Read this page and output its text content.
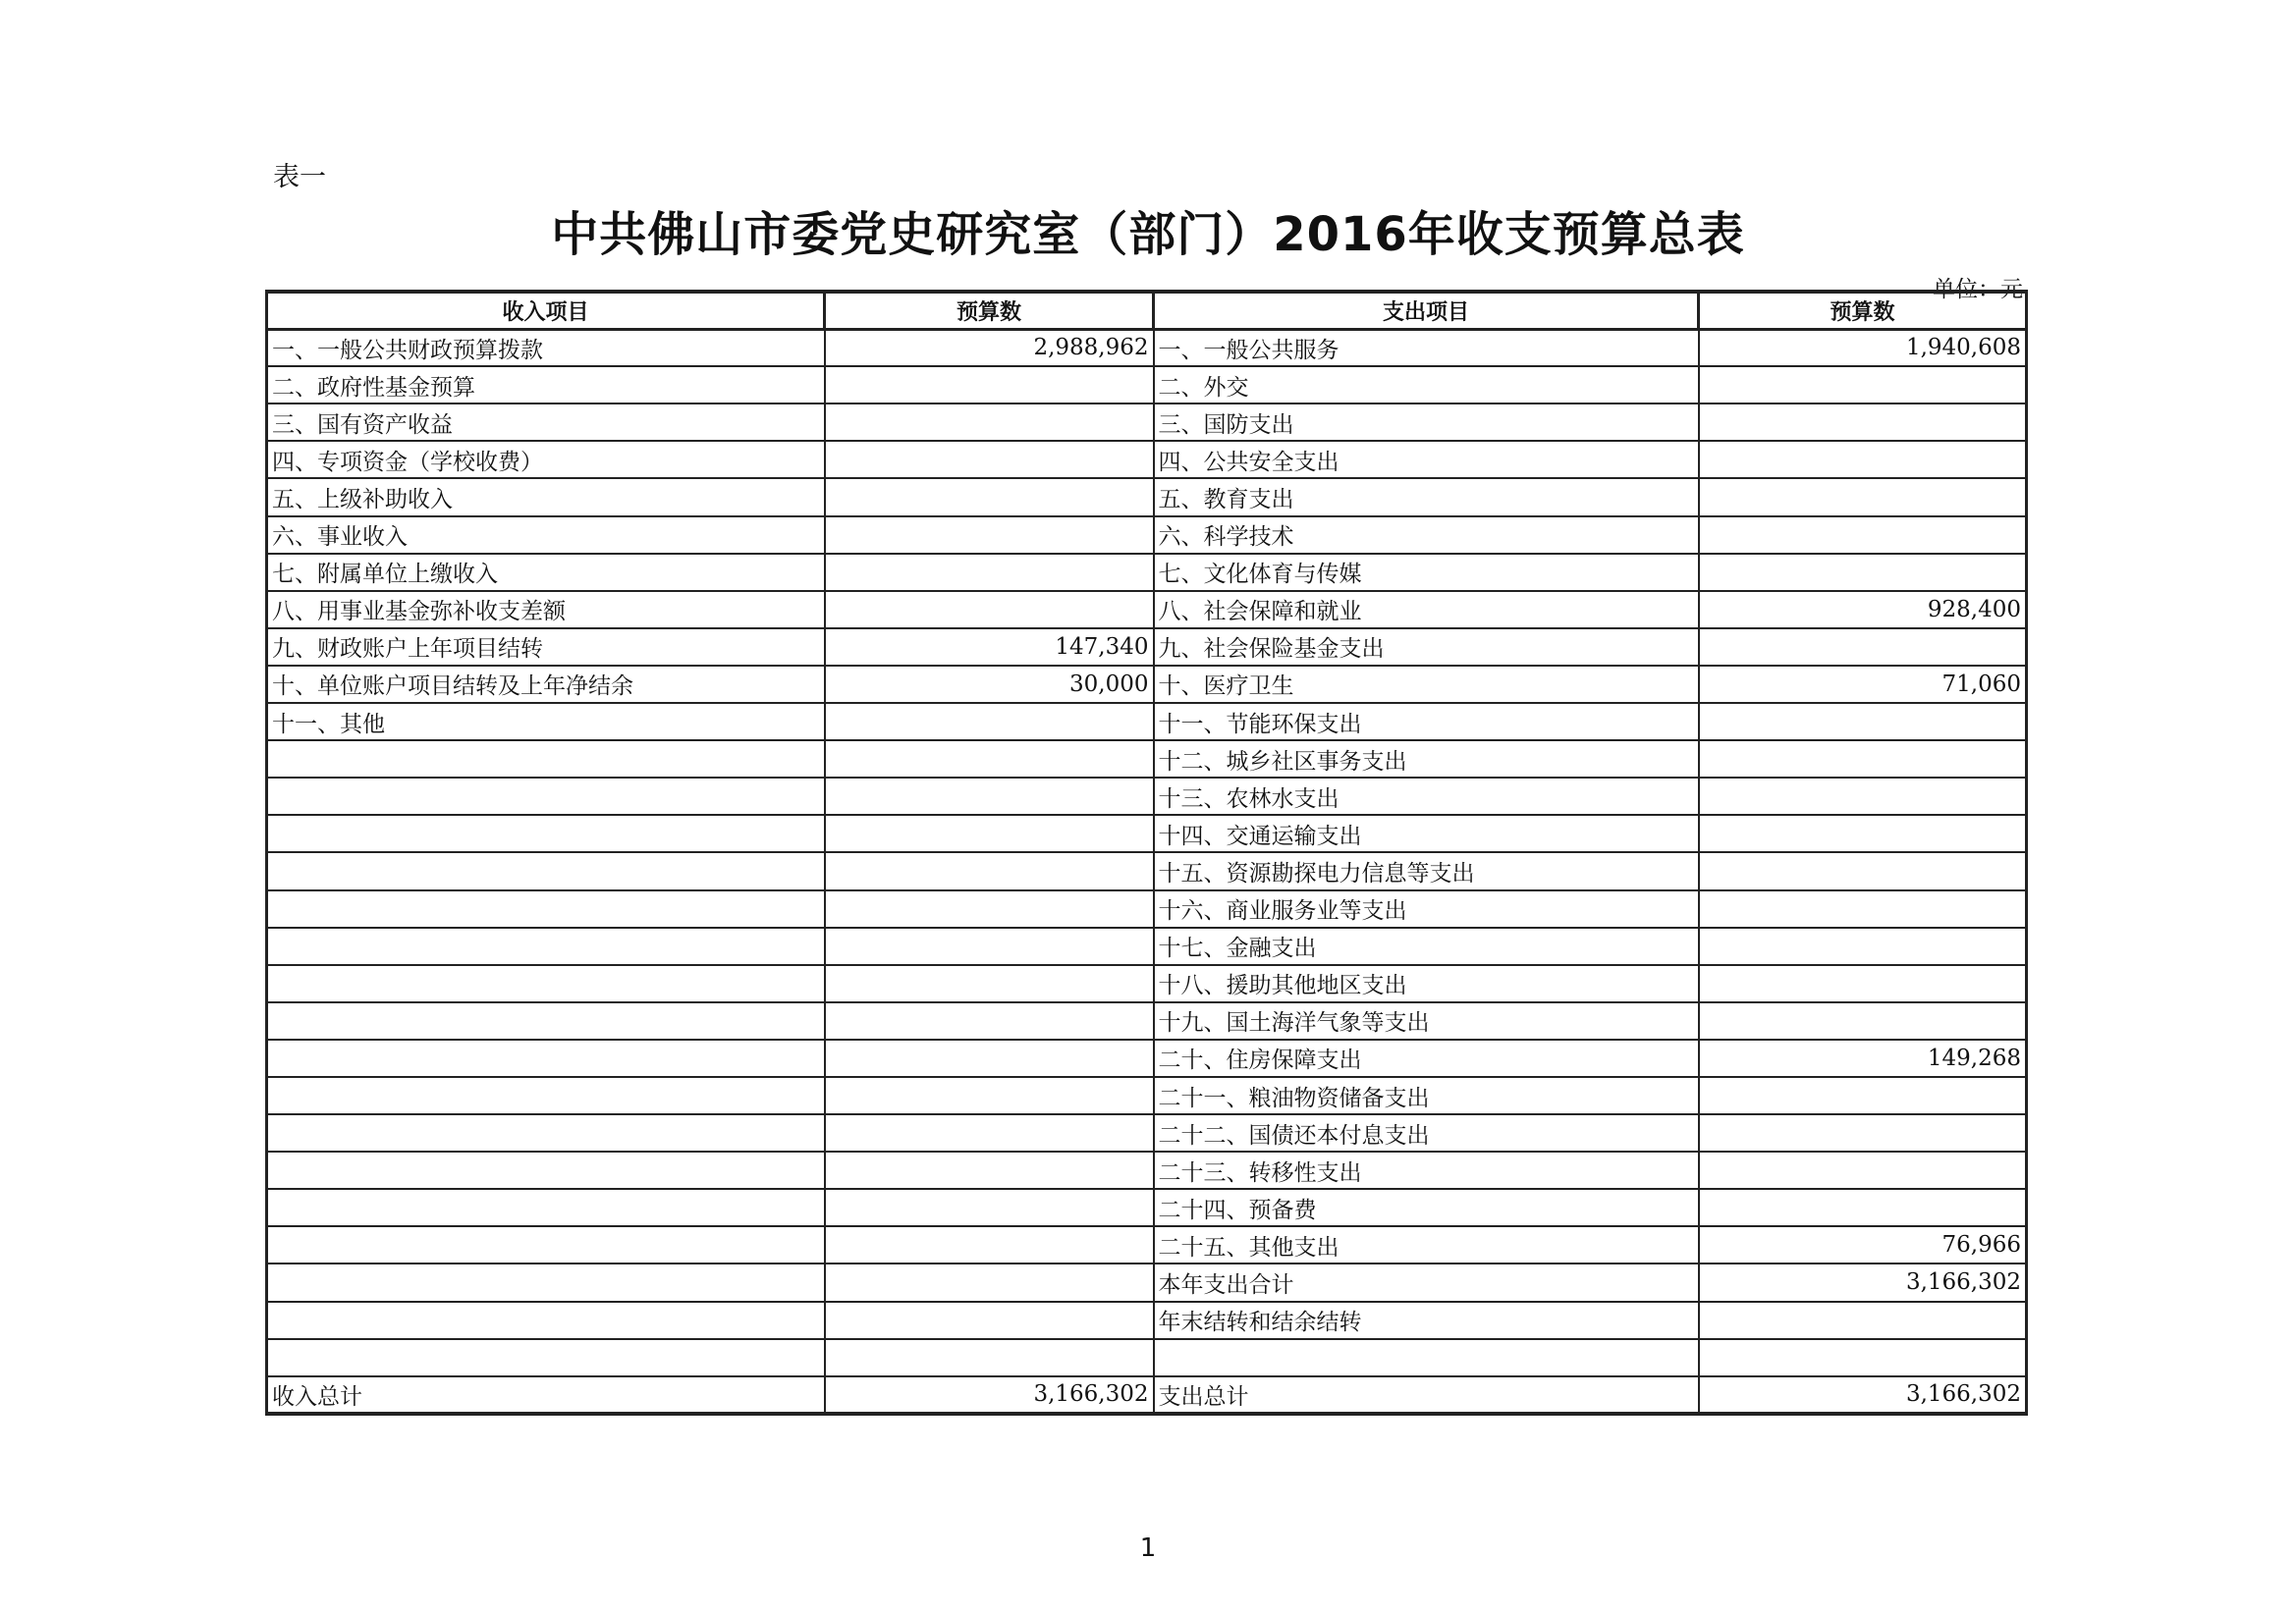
表一
中共佛山市委党史研究室（部门）2016年收支预算总表
单位：元
收入项目	预算数	支出项目	预算数
一、一般公共财政预算拨款	2,988,962	一、一般公共服务	1,940,608
二、政府性基金预算		二、外交	
三、国有资产收益		三、国防支出	
四、专项资金（学校收费）		四、公共安全支出	
五、上级补助收入		五、教育支出	
六、事业收入		六、科学技术	
七、附属单位上缴收入		七、文化体育与传媒	
八、用事业基金弥补收支差额		八、社会保障和就业	928,400
九、财政账户上年项目结转	147,340	九、社会保险基金支出	
十、单位账户项目结转及上年净结余	30,000	十、医疗卫生	71,060
十一、其他		十一、节能环保支出	
		十二、城乡社区事务支出	
		十三、农林水支出	
		十四、交通运输支出	
		十五、资源勘探电力信息等支出	
		十六、商业服务业等支出	
		十七、金融支出	
		十八、援助其他地区支出	
		十九、国土海洋气象等支出	
		二十、住房保障支出	149,268
		二十一、粮油物资储备支出	
		二十二、国债还本付息支出	
		二十三、转移性支出	
		二十四、预备费	
		二十五、其他支出	76,966
		本年支出合计	3,166,302
		年末结转和结余结转	

收入总计	3,166,302	支出总计	3,166,302
1
